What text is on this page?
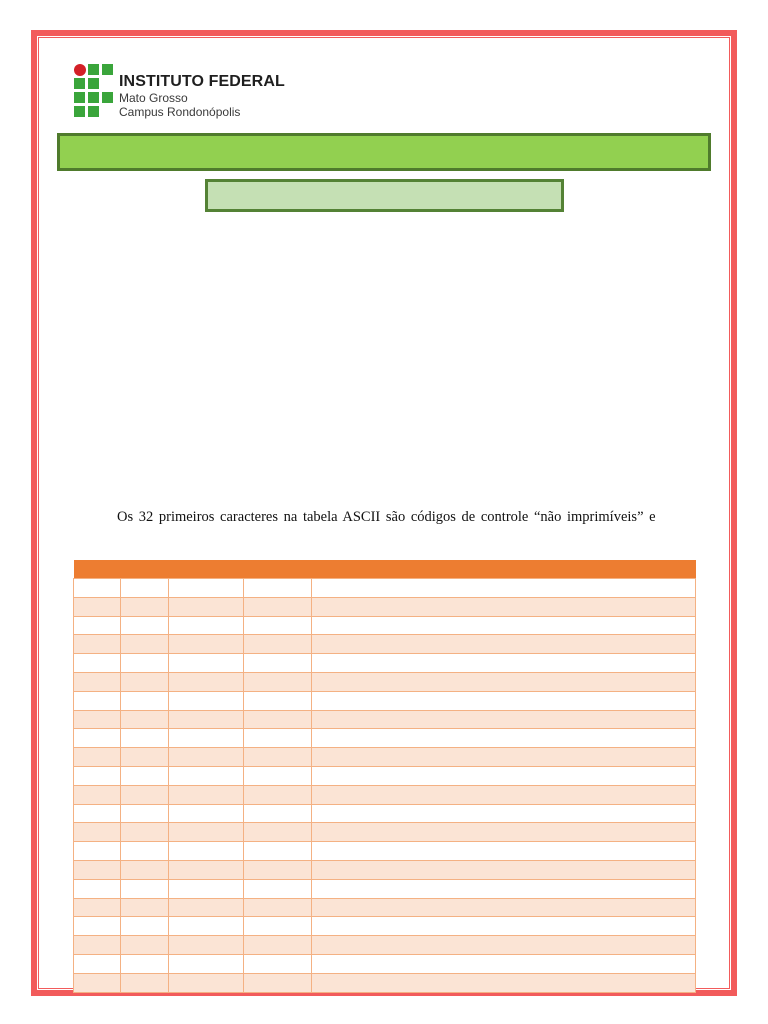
INSTITUTO FEDERAL
Mato Grosso
Campus Rondonópolis
Os 32 primeiros caracteres na tabela ASCII são códigos de controle “não imprimíveis” e
